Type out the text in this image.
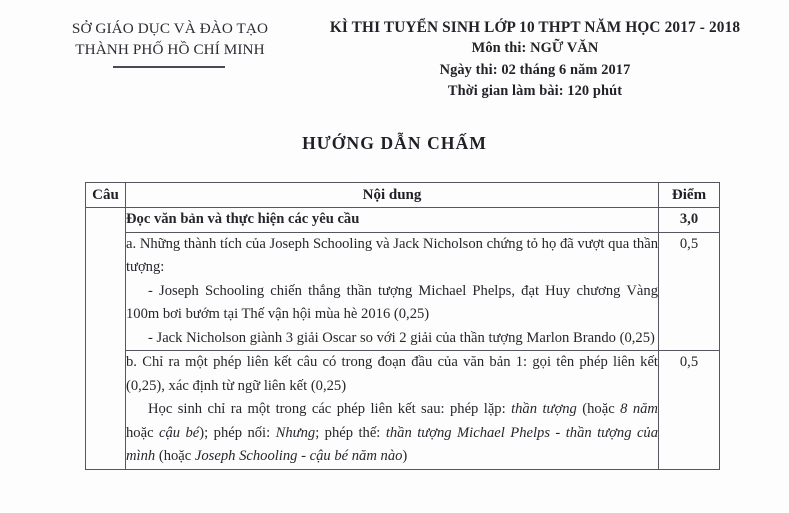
SỞ GIÁO DỤC VÀ ĐÀO TẠO
THÀNH PHỐ HỒ CHÍ MINH
KÌ THI TUYỂN SINH LỚP 10 THPT NĂM HỌC 2017 - 2018
Môn thi: NGỮ VĂN
Ngày thi: 02 tháng 6 năm 2017
Thời gian làm bài: 120 phút
HƯỚNG DẪN CHẤM
Câu	Nội dung	Điểm

	Đọc văn bản và thực hiện các yêu cầu	3,0

	a. Những thành tích của Joseph Schooling và Jack Nicholson chứng tỏ họ đã vượt qua thần tượng:

- Joseph Schooling chiến thắng thần tượng Michael Phelps, đạt Huy chương Vàng 100m bơi bướm tại Thế vận hội mùa hè 2016 (0,25)

- Jack Nicholson giành 3 giải Oscar so với 2 giải của thần tượng Marlon Brando (0,25)	0,5

	b. Chỉ ra một phép liên kết câu có trong đoạn đầu của văn bản 1: gọi tên phép liên kết (0,25), xác định từ ngữ liên kết (0,25)

Học sinh chỉ ra một trong các phép liên kết sau: phép lặp: thần tượng (hoặc 8 năm hoặc cậu bé); phép nối: Nhưng; phép thế: thần tượng Michael Phelps - thần tượng của mình (hoặc Joseph Schooling - cậu bé năm nào)	0,5
